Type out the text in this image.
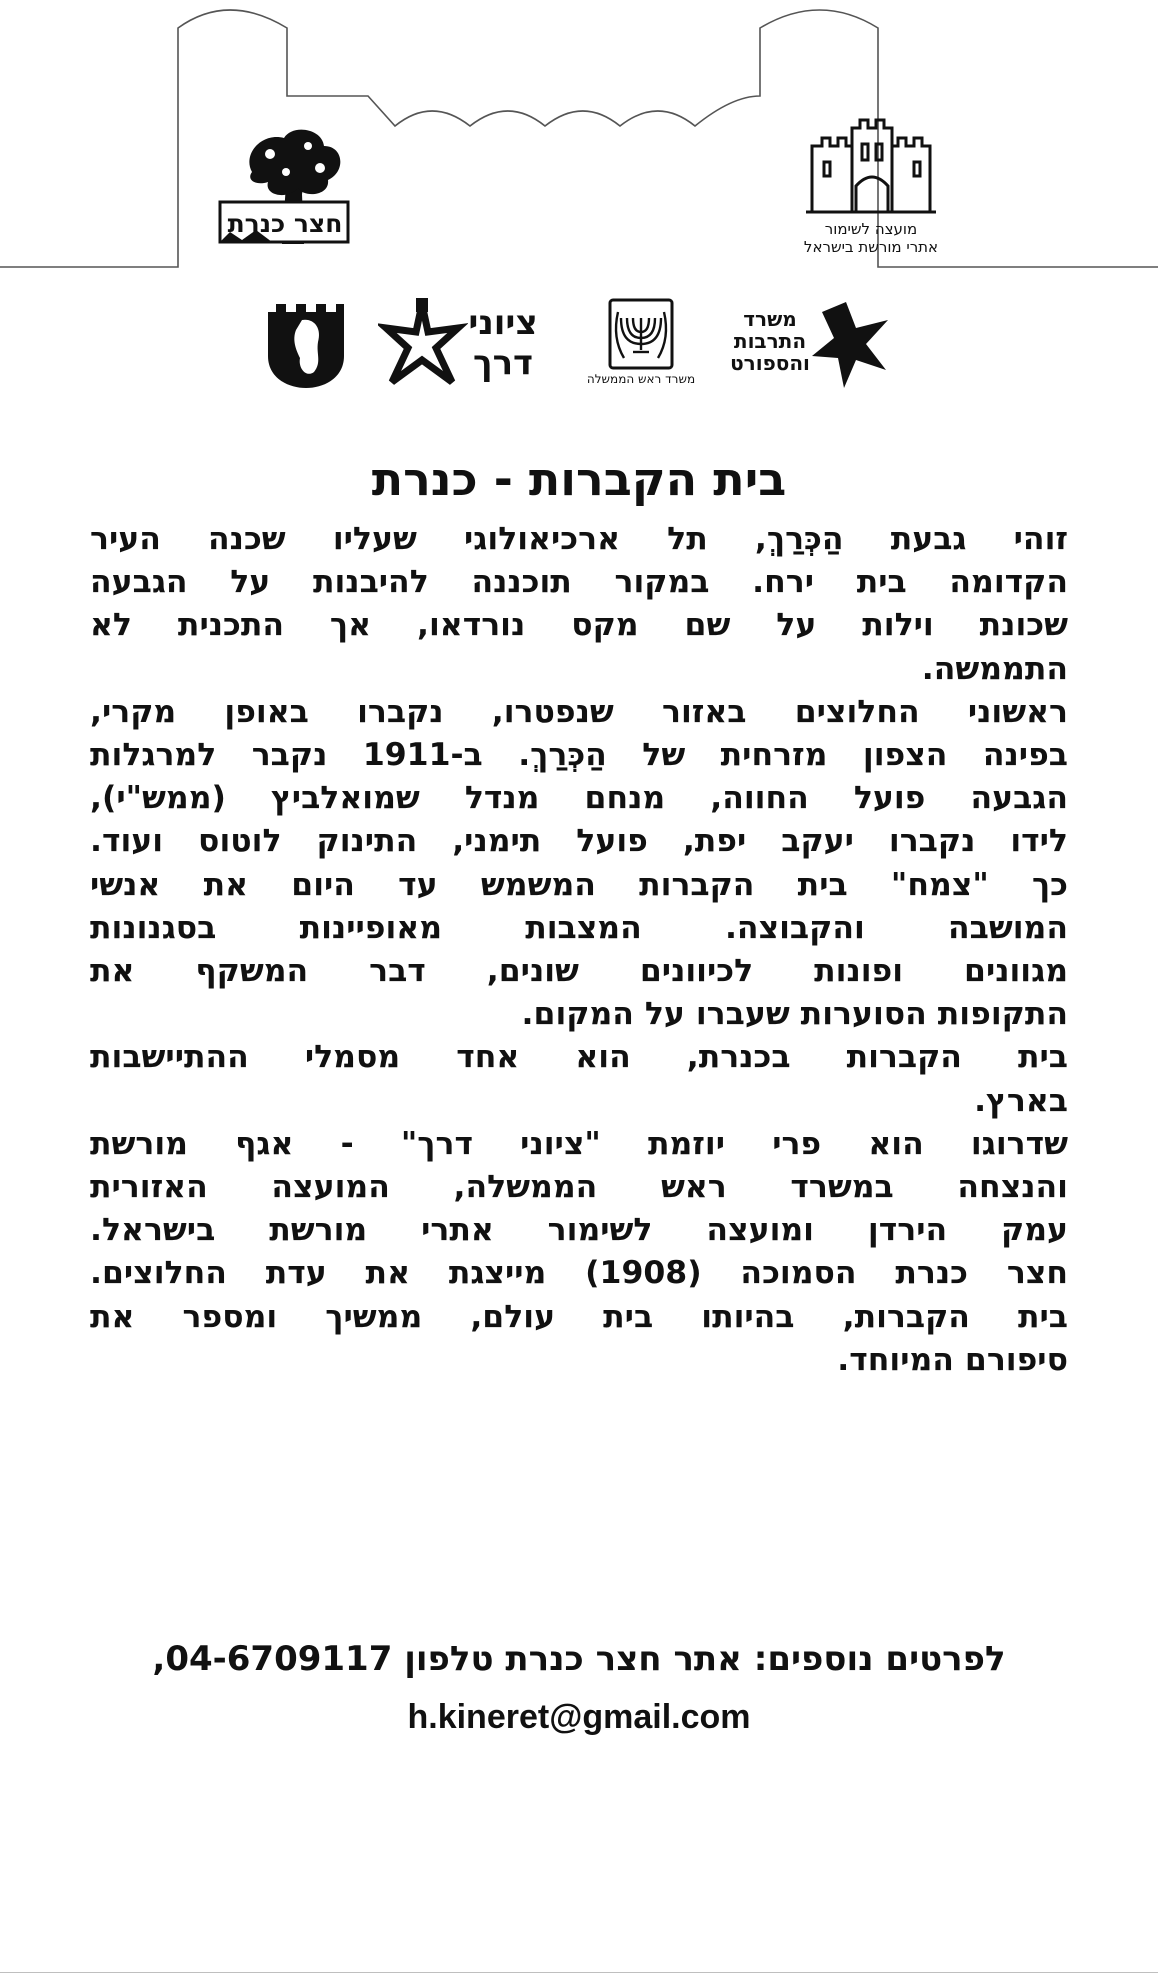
חצר כנרת	מועצה לשימור
אתרי מורשת בישראל
ציוני
דרך	משרד ראש הממשלה
משרד
התרבות
והספורט
בית הקברות - כנרת
זוהי גבעת הַכְּרַךְ, תל ארכיאולוגי שעליו שכנה העיר
הקדומה בית ירח. במקור תוכננה להיבנות על הגבעה
שכונת וילות על שם מקס נורדאו, אך התכנית לא
התממשה.
ראשוני החלוצים באזור שנפטרו, נקברו באופן מקרי,
בפינה הצפון מזרחית של הַכְּרַךְ. ב-1911 נקבר למרגלות
הגבעה פועל החווה, מנחם מנדל שמואלביץ (ממש"י),
לידו נקברו יעקב יפת, פועל תימני, התינוק לוטוס ועוד.
כך "צמח" בית הקברות המשמש עד היום את אנשי
המושבה והקבוצה. המצבות מאופיינות בסגנונות
מגוונים ופונות לכיוונים שונים, דבר המשקף את
התקופות הסוערות שעברו על המקום.
בית הקברות בכנרת, הוא אחד מסמלי ההתיישבות
בארץ.
שדרוגו הוא פרי יוזמת "ציוני דרך" - אגף מורשת
והנצחה במשרד ראש הממשלה, המועצה האזורית
עמק הירדן ומועצה לשימור אתרי מורשת בישראל.
חצר כנרת הסמוכה (1908) מייצגת את עדת החלוצים.
בית הקברות, בהיותו בית עולם, ממשיך ומספר את
סיפורם המיוחד.
לפרטים נוספים: אתר חצר כנרת טלפון 04-6709117,
h.kineret@gmail.com
